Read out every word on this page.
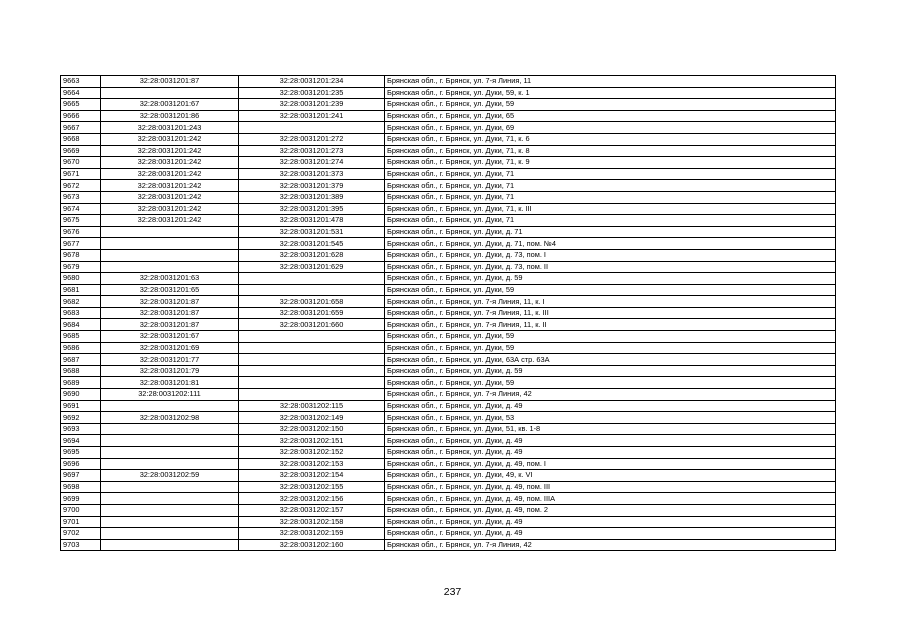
9663	32:28:0031201:87	32:28:0031201:234	Брянская обл., г. Брянск, ул. 7-я Линия, 11
9664		32:28:0031201:235	Брянская обл., г. Брянск, ул. Дуки, 59, к. 1
9665	32:28:0031201:67	32:28:0031201:239	Брянская обл., г. Брянск, ул. Дуки, 59
9666	32:28:0031201:86	32:28:0031201:241	Брянская обл., г. Брянск, ул. Дуки, 65
9667	32:28:0031201:243		Брянская обл., г. Брянск, ул. Дуки, 69
9668	32:28:0031201:242	32:28:0031201:272	Брянская обл., г. Брянск, ул. Дуки, 71, к. 6
9669	32:28:0031201:242	32:28:0031201:273	Брянская обл., г. Брянск, ул. Дуки, 71, к. 8
9670	32:28:0031201:242	32:28:0031201:274	Брянская обл., г. Брянск, ул. Дуки, 71, к. 9
9671	32:28:0031201:242	32:28:0031201:373	Брянская обл., г. Брянск, ул. Дуки, 71
9672	32:28:0031201:242	32:28:0031201:379	Брянская обл., г. Брянск, ул. Дуки, 71
9673	32:28:0031201:242	32:28:0031201:389	Брянская обл., г. Брянск, ул. Дуки, 71
9674	32:28:0031201:242	32:28:0031201:395	Брянская обл., г. Брянск, ул. Дуки, 71, к. III
9675	32:28:0031201:242	32:28:0031201:478	Брянская обл., г. Брянск, ул. Дуки, 71
9676		32:28:0031201:531	Брянская обл., г. Брянск, ул. Дуки, д. 71
9677		32:28:0031201:545	Брянская обл., г. Брянск, ул. Дуки, д. 71, пом. №4
9678		32:28:0031201:628	Брянская обл., г. Брянск, ул. Дуки, д. 73, пом. I
9679		32:28:0031201:629	Брянская обл., г. Брянск, ул. Дуки, д. 73, пом. II
9680	32:28:0031201:63		Брянская обл., г. Брянск, ул. Дуки, д. 59
9681	32:28:0031201:65		Брянская обл., г. Брянск, ул. Дуки, 59
9682	32:28:0031201:87	32:28:0031201:658	Брянская обл., г. Брянск, ул. 7-я Линия, 11, к. I
9683	32:28:0031201:87	32:28:0031201:659	Брянская обл., г. Брянск, ул. 7-я Линия, 11, к. III
9684	32:28:0031201:87	32:28:0031201:660	Брянская обл., г. Брянск, ул. 7-я Линия, 11, к. II
9685	32:28:0031201:67		Брянская обл., г. Брянск, ул. Дуки, 59
9686	32:28:0031201:69		Брянская обл., г. Брянск, ул. Дуки, 59
9687	32:28:0031201:77		Брянская обл., г. Брянск, ул. Дуки, 63А стр. 63А
9688	32:28:0031201:79		Брянская обл., г. Брянск, ул. Дуки, д. 59
9689	32:28:0031201:81		Брянская обл., г. Брянск, ул. Дуки, 59
9690	32:28:0031202:111		Брянская обл., г. Брянск, ул. 7-я Линия, 42
9691		32:28:0031202:115	Брянская обл., г. Брянск, ул. Дуки, д. 49
9692	32:28:0031202:98	32:28:0031202:149	Брянская обл., г. Брянск, ул. Дуки, 53
9693		32:28:0031202:150	Брянская обл., г. Брянск, ул. Дуки, 51, кв. 1-8
9694		32:28:0031202:151	Брянская обл., г. Брянск, ул. Дуки, д. 49
9695		32:28:0031202:152	Брянская обл., г. Брянск, ул. Дуки, д. 49
9696		32:28:0031202:153	Брянская обл., г. Брянск, ул. Дуки, д. 49, пом. I
9697	32:28:0031202:59	32:28:0031202:154	Брянская обл., г. Брянск, ул. Дуки, 49, к. VI
9698		32:28:0031202:155	Брянская обл., г. Брянск, ул. Дуки, д. 49, пом. III
9699		32:28:0031202:156	Брянская обл., г. Брянск, ул. Дуки, д. 49, пом. IIIA
9700		32:28:0031202:157	Брянская обл., г. Брянск, ул. Дуки, д. 49, пом. 2
9701		32:28:0031202:158	Брянская обл., г. Брянск, ул. Дуки, д. 49
9702		32:28:0031202:159	Брянская обл., г. Брянск, ул. Дуки, д. 49
9703		32:28:0031202:160	Брянская обл., г. Брянск, ул. 7-я Линия, 42
237
